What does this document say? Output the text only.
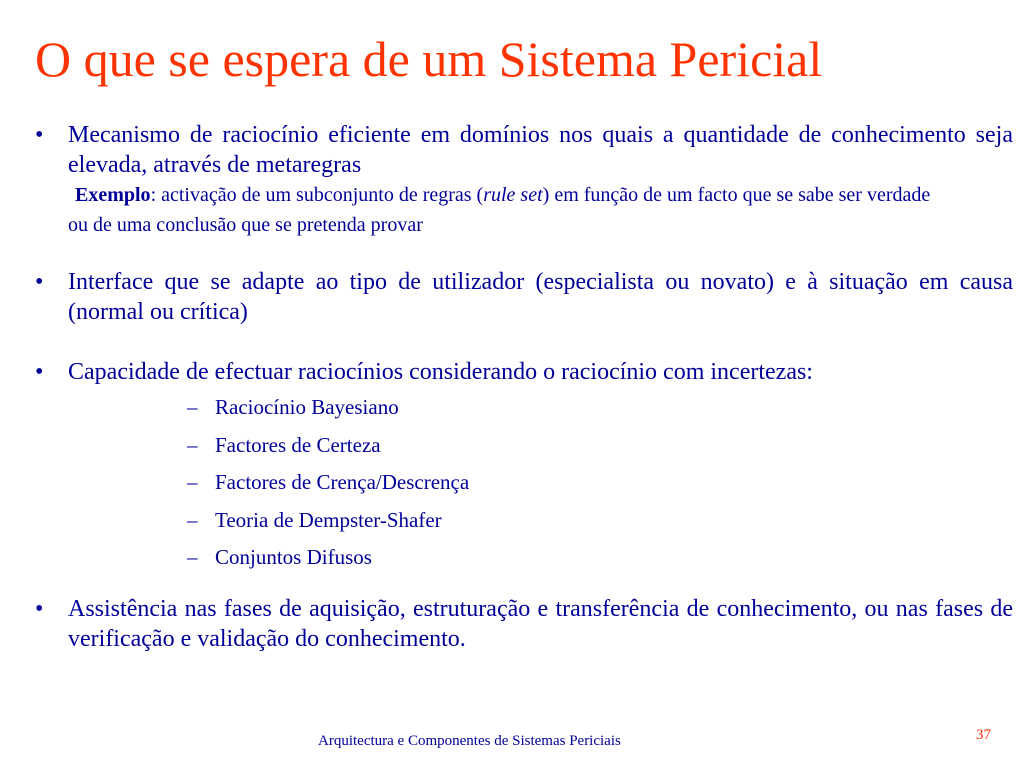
O que se espera de um Sistema Pericial
•	Mecanismo de raciocínio eficiente em domínios nos quais a quantidade de conhecimento seja elevada, através de metaregras
Exemplo: activação de um subconjunto de regras (rule set) em função de um facto que se sabe ser verdade ou de uma conclusão que se pretenda provar
•	Interface que se adapte ao tipo de utilizador (especialista ou novato) e à situação em causa (normal ou crítica)
•	Capacidade de efectuar raciocínios considerando o raciocínio com incertezas:
– Raciocínio Bayesiano
– Factores de Certeza
– Factores de Crença/Descrença
– Teoria de Dempster-Shafer
– Conjuntos Difusos
•	Assistência nas fases de aquisição, estruturação e transferência de conhecimento, ou nas fases de verificação e validação do conhecimento.
Arquitectura e Componentes de Sistemas Periciais	37
